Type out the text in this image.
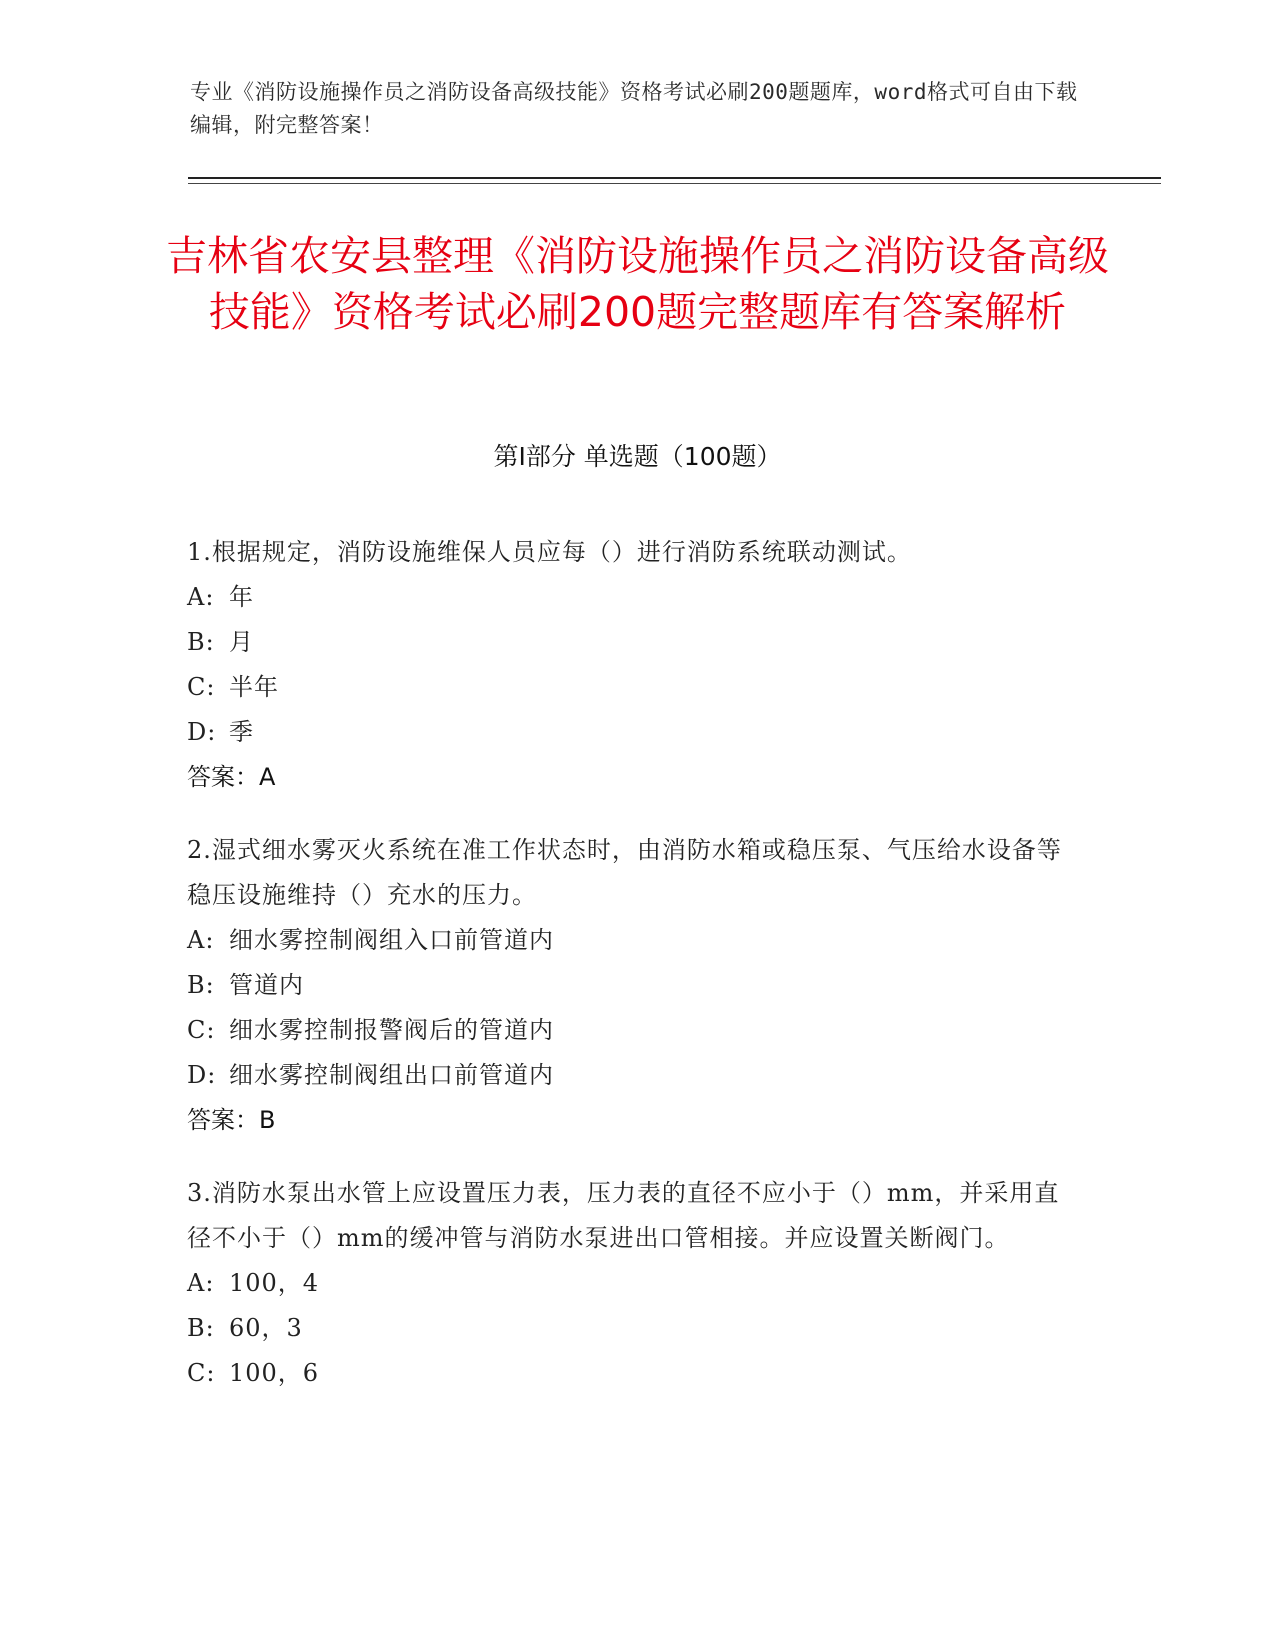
专业《消防设施操作员之消防设备高级技能》资格考试必刷200题题库，word格式可自由下载编辑，附完整答案！
吉林省农安县整理《消防设施操作员之消防设备高级技能》资格考试必刷200题完整题库有答案解析
第Ⅰ部分 单选题（100题）
1.根据规定，消防设施维保人员应每（）进行消防系统联动测试。
A: 年
B: 月
C: 半年
D: 季
答案：A
2.湿式细水雾灭火系统在准工作状态时，由消防水箱或稳压泵、气压给水设备等稳压设施维持（）充水的压力。
A: 细水雾控制阀组入口前管道内
B: 管道内
C: 细水雾控制报警阀后的管道内
D: 细水雾控制阀组出口前管道内
答案：B
3.消防水泵出水管上应设置压力表，压力表的直径不应小于（）mm，并采用直径不小于（）mm的缓冲管与消防水泵进出口管相接。并应设置关断阀门。
A: 100，4
B: 60，3
C: 100，6
